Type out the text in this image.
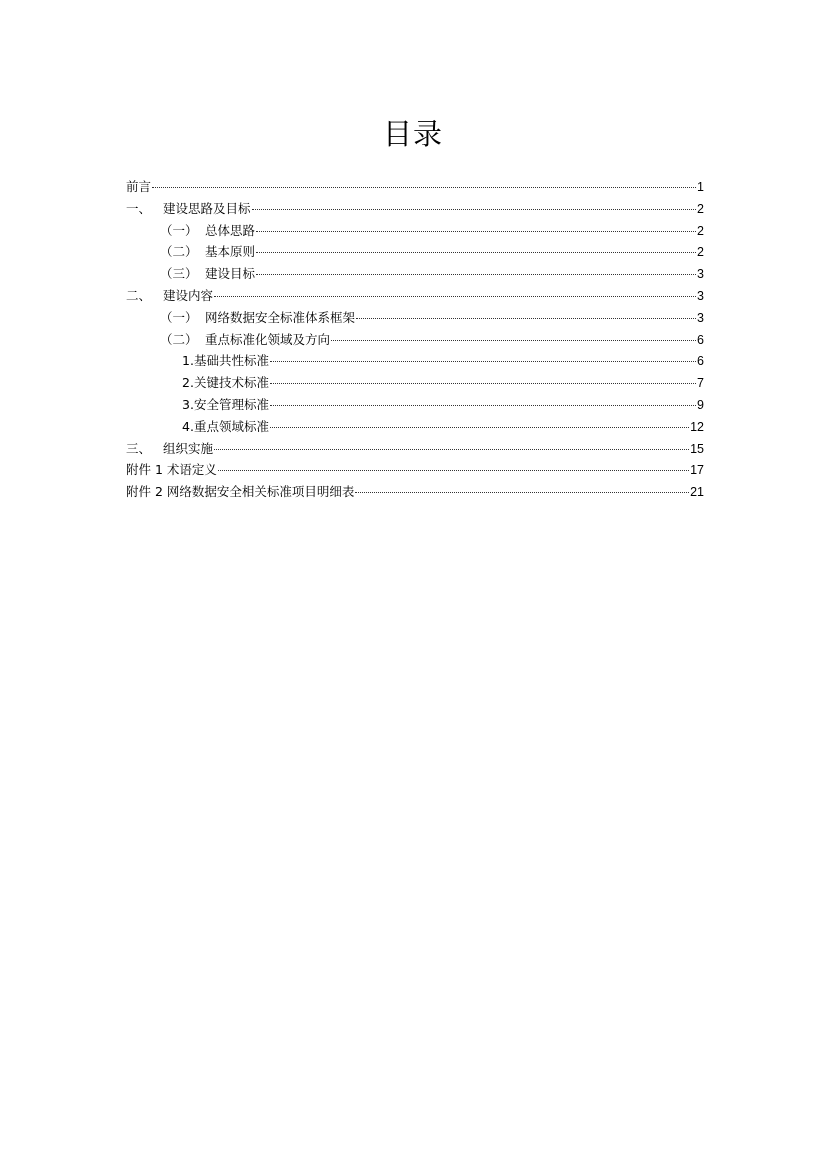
目录
前言	1
一、 建设思路及目标	2
（一） 总体思路	2
（二） 基本原则	2
（三） 建设目标	3
二、 建设内容	3
（一） 网络数据安全标准体系框架	3
（二） 重点标准化领域及方向	6
1. 基础共性标准	6
2. 关键技术标准	7
3. 安全管理标准	9
4. 重点领域标准	12
三、 组织实施	15
附件 1 术语定义	17
附件 2 网络数据安全相关标准项目明细表	21
